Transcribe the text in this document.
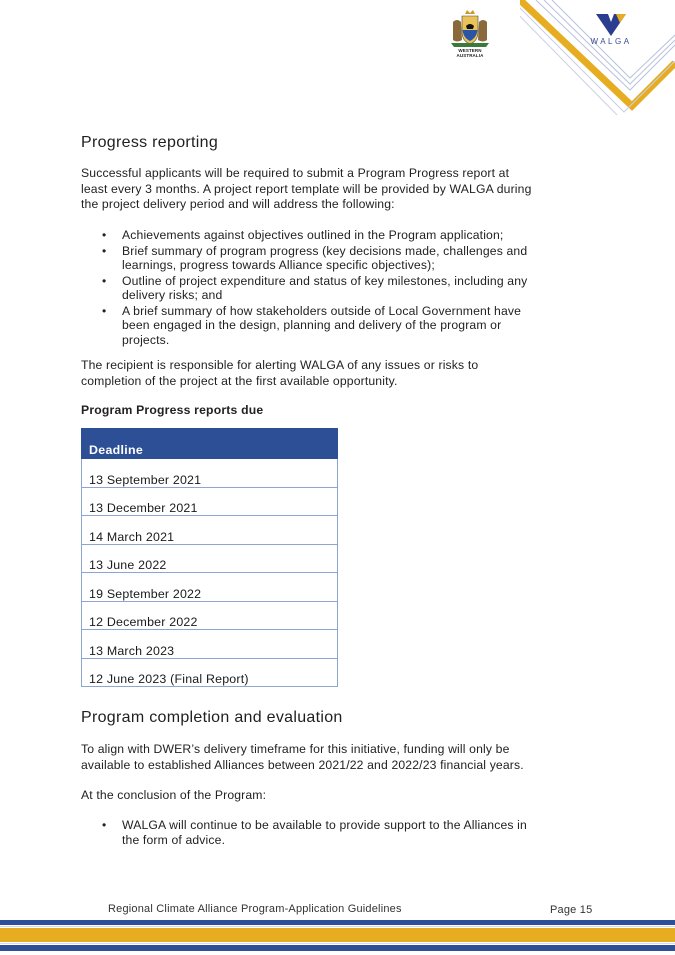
WESTERN AUSTRALIA
WALGA
Progress reporting
Successful applicants will be required to submit a Program Progress report at
least every 3 months. A project report template will be provided by WALGA during
the project delivery period and will address the following:
• Achievements against objectives outlined in the Program application;
• Brief summary of program progress (key decisions made, challenges and
learnings, progress towards Alliance specific objectives);
• Outline of project expenditure and status of key milestones, including any
delivery risks; and
• A brief summary of how stakeholders outside of Local Government have
been engaged in the design, planning and delivery of the program or
projects.
The recipient is responsible for alerting WALGA of any issues or risks to
completion of the project at the first available opportunity.
Program Progress reports due
Deadline
13 September 2021
13 December 2021
14 March 2021
13 June 2022
19 September 2022
12 December 2022
13 March 2023
12 June 2023 (Final Report)
Program completion and evaluation
To align with DWER’s delivery timeframe for this initiative, funding will only be
available to established Alliances between 2021/22 and 2022/23 financial years.
At the conclusion of the Program:
• WALGA will continue to be available to provide support to the Alliances in
the form of advice.
Regional Climate Alliance Program-Application Guidelines	Page 15
